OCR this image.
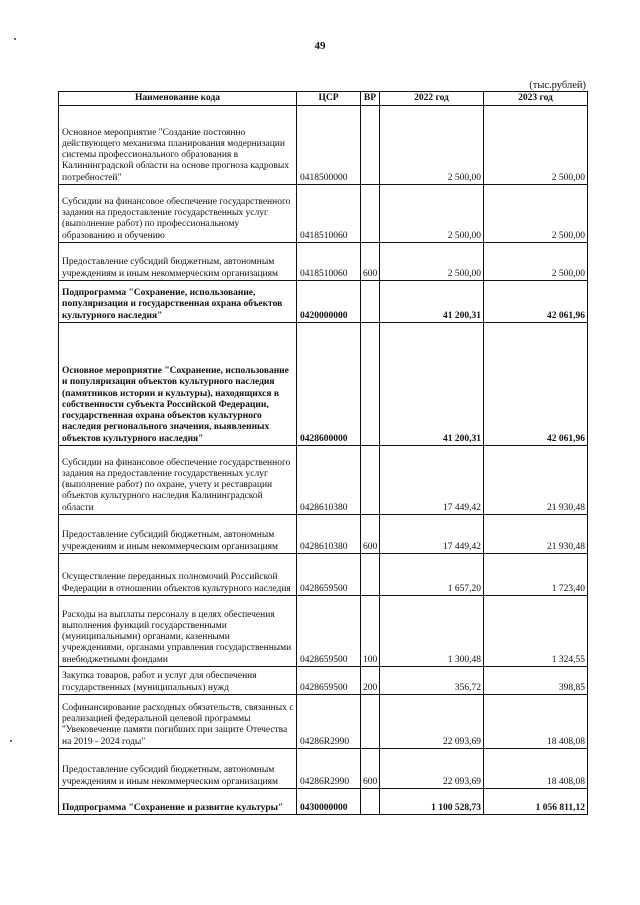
49
(тыс.рублей)
Наименование кода	ЦСР	ВР	2022 год	2023 год
Основное мероприятие "Создание постоянно действующего механизма планирования модернизации системы профессионального образования в Калининградской области на основе прогноза кадровых потребностей"	0418500000		2 500,00	2 500,00
Субсидии на финансовое обеспечение государственного задания на предоставление государственных услуг (выполнение работ) по профессиональному образованию и обучению	0418510060		2 500,00	2 500,00
Предоставление субсидий бюджетным, автономным учреждениям и иным некоммерческим организациям	0418510060	600	2 500,00	2 500,00
Подпрограмма "Сохранение, использование, популяризация и государственная охрана объектов культурного наследия"	0420000000		41 200,31	42 061,96
Основное мероприятие "Сохранение, использование и популяризация объектов культурного наследия (памятников истории и культуры), находящихся в собственности субъекта Российской Федерации, государственная охрана объектов культурного наследия регионального значения, выявленных объектов культурного наследия"	0428600000		41 200,31	42 061,96
Субсидии на финансовое обеспечение государственного задания на предоставление государственных услуг (выполнение работ) по охране, учету и реставрации объектов культурного наследия Калининградской области	0428610380		17 449,42	21 930,48
Предоставление субсидий бюджетным, автономным учреждениям и иным некоммерческим организациям	0428610380	600	17 449,42	21 930,48
Осуществление переданных полномочий Российской Федерации в отношении объектов культурного наследия	0428659500		1 657,20	1 723,40
Расходы на выплаты персоналу в целях обеспечения выполнения функций государственными (муниципальными) органами, казенными учреждениями, органами управления государственными внебюджетными фондами	0428659500	100	1 300,48	1 324,55
Закупка товаров, работ и услуг для обеспечения государственных (муниципальных) нужд	0428659500	200	356,72	398,85
Софинансирование расходных обязательств, связанных с реализацией федеральной целевой программы "Увековечение памяти погибших при защите Отечества на 2019 - 2024 годы"	04286R2990		22 093,69	18 408,08
Предоставление субсидий бюджетным, автономным учреждениям и иным некоммерческим организациям	04286R2990	600	22 093,69	18 408,08
Подпрограмма "Сохранение и развитие культуры"	0430000000		1 100 528,73	1 056 811,12
